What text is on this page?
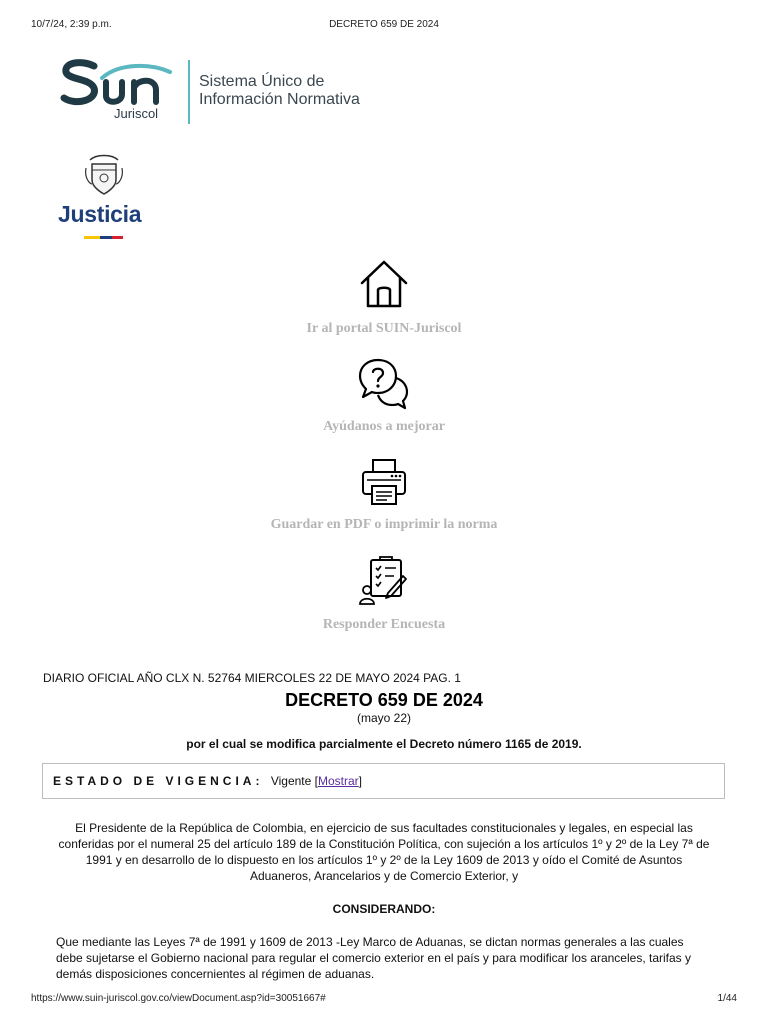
10/7/24, 2:39 p.m.	DECRETO 659 DE 2024
Juriscol
Sistema Único de
Información Normativa
Justicia
Ir al portal SUIN-Juriscol
Ayúdanos a mejorar
Guardar en PDF o imprimir la norma
Responder Encuesta
DIARIO OFICIAL AÑO CLX N. 52764 MIERCOLES 22 DE MAYO 2024 PAG. 1
DECRETO 659 DE 2024
(mayo 22)
por el cual se modifica parcialmente el Decreto número 1165 de 2019.
ESTADO DE VIGENCIA: Vigente [Mostrar]
El Presidente de la República de Colombia, en ejercicio de sus facultades constitucionales y legales, en especial las conferidas por el numeral 25 del artículo 189 de la Constitución Política, con sujeción a los artículos 1º y 2º de la Ley 7ª de 1991 y en desarrollo de lo dispuesto en los artículos 1º y 2º de la Ley 1609 de 2013 y oído el Comité de Asuntos Aduaneros, Arancelarios y de Comercio Exterior, y
CONSIDERANDO:
Que mediante las Leyes 7ª de 1991 y 1609 de 2013 -Ley Marco de Aduanas, se dictan normas generales a las cuales debe sujetarse el Gobierno nacional para regular el comercio exterior en el país y para modificar los aranceles, tarifas y demás disposiciones concernientes al régimen de aduanas.
https://www.suin-juriscol.gov.co/viewDocument.asp?id=30051667#	1/44
